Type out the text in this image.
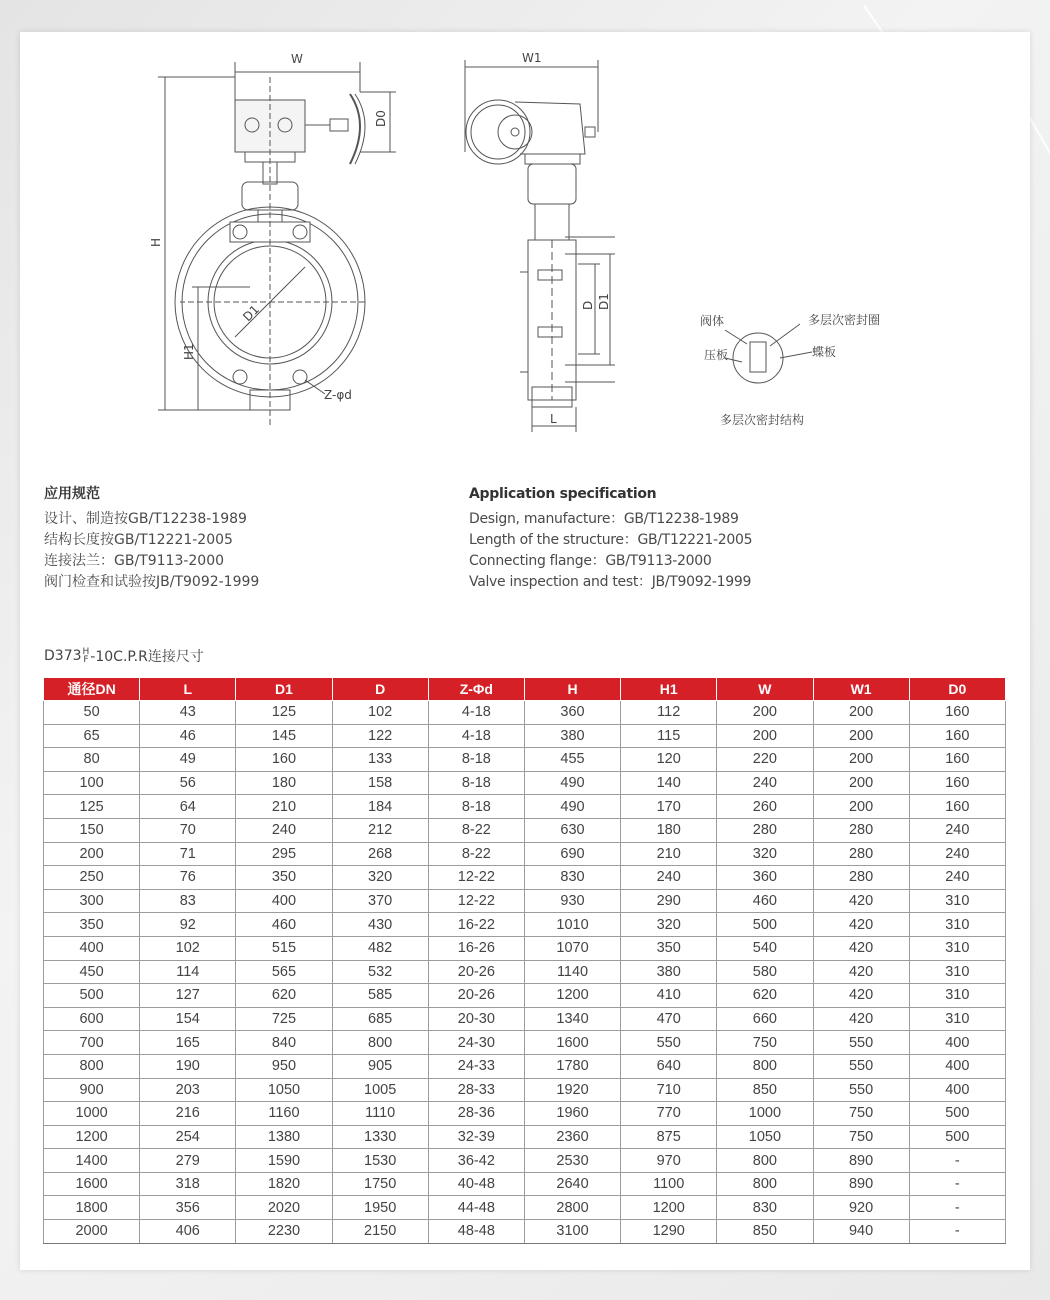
W
D0
H
H1
D1
Z-φd
W1
D D1
L
阀体	多层次密封圈
压板	蝶板
多层次密封结构
应用规范
设计、制造按GB/T12238-1989
结构长度按GB/T12221-2005
连接法兰：GB/T9113-2000
阀门检查和试验按JB/T9092-1999
Application specification
Design, manufacture：GB/T12238-1989
Length of the structure：GB/T12221-2005
Connecting flange：GB/T9113-2000
Valve inspection and test：JB/T9092-1999
D373 H
F -10C.P.R连接尺寸
通径DN	L	D1	D	Z-Φd	H	H1	W	W1	D0
50	43	125	102	4-18	360	112	200	200	160
65	46	145	122	4-18	380	115	200	200	160
80	49	160	133	8-18	455	120	220	200	160
100	56	180	158	8-18	490	140	240	200	160
125	64	210	184	8-18	490	170	260	200	160
150	70	240	212	8-22	630	180	280	280	240
200	71	295	268	8-22	690	210	320	280	240
250	76	350	320	12-22	830	240	360	280	240
300	83	400	370	12-22	930	290	460	420	310
350	92	460	430	16-22	1010	320	500	420	310
400	102	515	482	16-26	1070	350	540	420	310
450	114	565	532	20-26	1140	380	580	420	310
500	127	620	585	20-26	1200	410	620	420	310
600	154	725	685	20-30	1340	470	660	420	310
700	165	840	800	24-30	1600	550	750	550	400
800	190	950	905	24-33	1780	640	800	550	400
900	203	1050	1005	28-33	1920	710	850	550	400
1000	216	1160	1110	28-36	1960	770	1000	750	500
1200	254	1380	1330	32-39	2360	875	1050	750	500
1400	279	1590	1530	36-42	2530	970	800	890	-
1600	318	1820	1750	40-48	2640	1100	800	890	-
1800	356	2020	1950	44-48	2800	1200	830	920	-
2000	406	2230	2150	48-48	3100	1290	850	940	-
